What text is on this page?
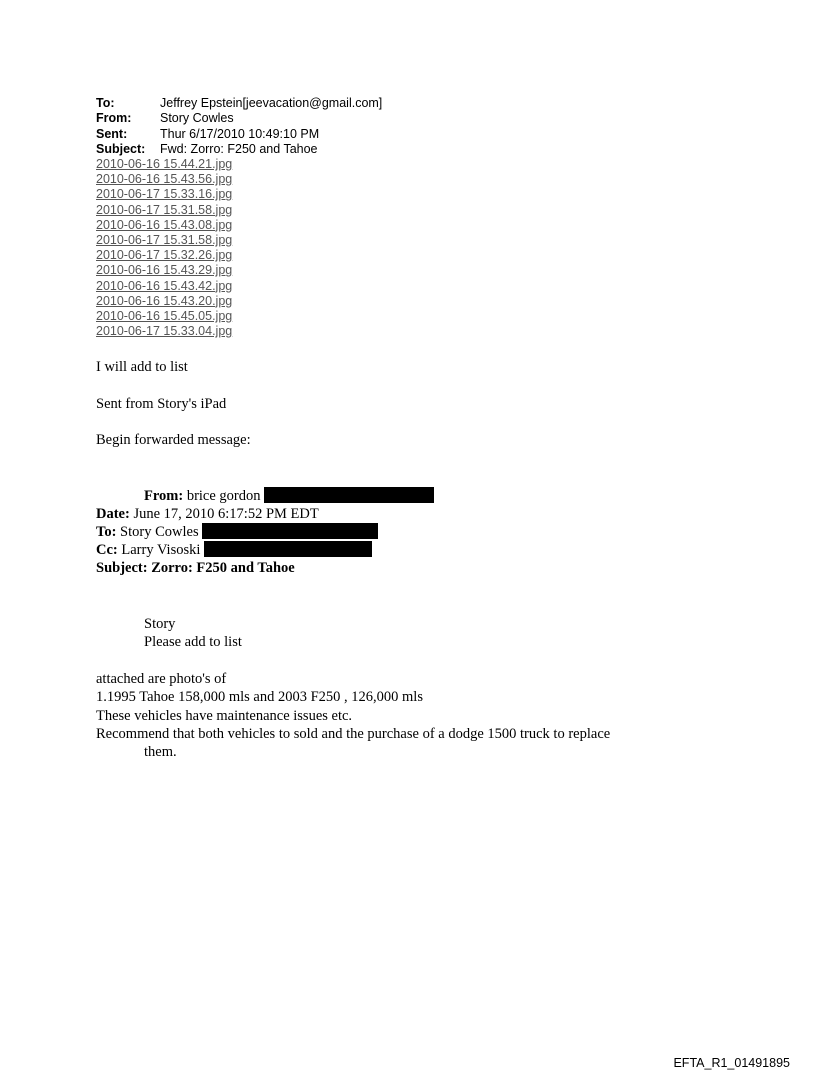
To:	Jeffrey Epstein[jeevacation@gmail.com]
From:	Story Cowles
Sent:	Thur 6/17/2010 10:49:10 PM
Subject:	Fwd: Zorro: F250 and Tahoe
2010-06-16 15.44.21.jpg
2010-06-16 15.43.56.jpg
2010-06-17 15.33.16.jpg
2010-06-17 15.31.58.jpg
2010-06-16 15.43.08.jpg
2010-06-17 15.31.58.jpg
2010-06-17 15.32.26.jpg
2010-06-16 15.43.29.jpg
2010-06-16 15.43.42.jpg
2010-06-16 15.43.20.jpg
2010-06-16 15.45.05.jpg
2010-06-17 15.33.04.jpg
I will add to list
Sent from Story's iPad
Begin forwarded message:
From: brice gordon
Date: June 17, 2010 6:17:52 PM EDT
To: Story Cowles
Cc: Larry Visoski
Subject: Zorro: F250 and Tahoe
Story
Please add to list
attached are photo's of
1.1995 Tahoe 158,000 mls and 2003 F250 , 126,000 mls
These vehicles have maintenance issues etc.
Recommend that both vehicles to sold and the purchase of a dodge 1500 truck to replace
them.
EFTA_R1_01491895
